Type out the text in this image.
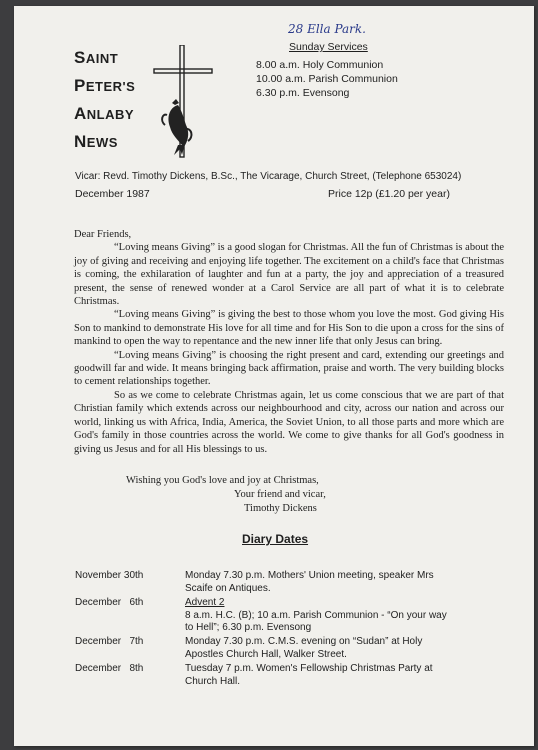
SAINT
PETER'S
ANLABY
NEWS
28 Ella Park.
Sunday Services
8.00 a.m. Holy Communion
10.00 a.m. Parish Communion
6.30 p.m. Evensong
Vicar: Revd. Timothy Dickens, B.Sc., The Vicarage, Church Street, (Telephone 653024)
December 1987	Price 12p (£1.20 per year)

Dear Friends,

“Loving means Giving” is a good slogan for Christmas. All the fun of Christmas is about the joy of giving and receiving and enjoying life together. The excitement on a child's face that Christmas is coming, the exhilaration of laughter and fun at a party, the joy and appreciation of a treasured present, the sense of renewed wonder at a Carol Service are all part of what it is to celebrate Christmas.

“Loving means Giving” is giving the best to those whom you love the most. God giving His Son to mankind to demonstrate His love for all time and for His Son to die upon a cross for the sins of mankind to open the way to repentance and the new inner life that only Jesus can bring.

“Loving means Giving” is choosing the right present and card, extending our greetings and goodwill far and wide. It means bringing back affirmation, praise and worth. The very building blocks to cement relationships together.

So as we come to celebrate Christmas again, let us come conscious that we are part of that Christian family which extends across our neighbourhood and city, across our nation and across our world, linking us with Africa, India, America, the Soviet Union, to all those parts and more which are God's family in those countries across the world. We come to give thanks for all God's goodness in giving us Jesus and for all His blessings to us.

Wishing you God's love and joy at Christmas,
Your friend and vicar,
Timothy Dickens
Diary Dates
November 30th	Monday 7.30 p.m. Mothers' Union meeting, speaker Mrs Scaife on Antiques.
December   6th	Advent 2
8 a.m. H.C. (B); 10 a.m. Parish Communion - “On your way to Hell”; 6.30 p.m. Evensong
December   7th	Monday 7.30 p.m. C.M.S. evening on “Sudan” at Holy Apostles Church Hall, Walker Street.
December   8th	Tuesday 7 p.m. Women's Fellowship Christmas Party at Church Hall.
